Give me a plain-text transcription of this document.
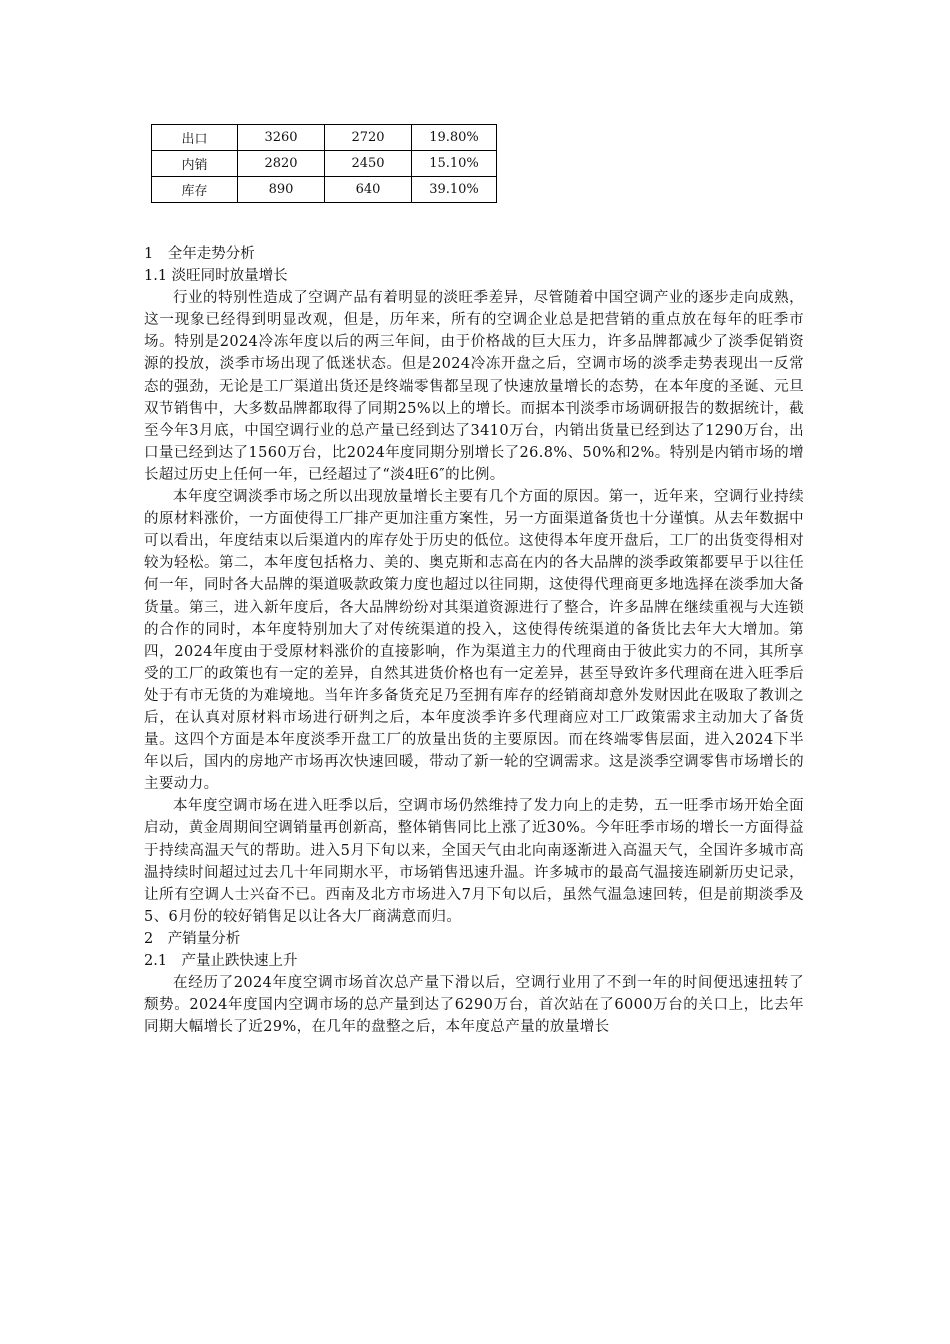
出口	3260	2720	19.80%
内销	2820	2450	15.10%
库存	890	640	39.10%

1　全年走势分析

1.1 淡旺同时放量增长

行业的特别性造成了空调产品有着明显的淡旺季差异，尽管随着中国空调产业的逐步走向成熟，这一现象已经得到明显改观，但是，历年来，所有的空调企业总是把营销的重点放在每年的旺季市场。特别是2024冷冻年度以后的两三年间，由于价格战的巨大压力，许多品牌都减少了淡季促销资源的投放，淡季市场出现了低迷状态。但是2024冷冻开盘之后，空调市场的淡季走势表现出一反常态的强劲，无论是工厂渠道出货还是终端零售都呈现了快速放量增长的态势，在本年度的圣诞、元旦双节销售中，大多数品牌都取得了同期25%以上的增长。而据本刊淡季市场调研报告的数据统计，截至今年3月底，中国空调行业的总产量已经到达了3410万台，内销出货量已经到达了1290万台，出口量已经到达了1560万台，比2024年度同期分别增长了26.8%、50%和2%。特别是内销市场的增长超过历史上任何一年，已经超过了“淡4旺6″的比例。

本年度空调淡季市场之所以出现放量增长主要有几个方面的原因。第一，近年来，空调行业持续的原材料涨价，一方面使得工厂排产更加注重方案性，另一方面渠道备货也十分谨慎。从去年数据中可以看出，年度结束以后渠道内的库存处于历史的低位。这使得本年度开盘后，工厂的出货变得相对较为轻松。第二，本年度包括格力、美的、奥克斯和志高在内的各大品牌的淡季政策都要早于以往任何一年，同时各大品牌的渠道吸款政策力度也超过以往同期，这使得代理商更多地选择在淡季加大备货量。第三，进入新年度后，各大品牌纷纷对其渠道资源进行了整合，许多品牌在继续重视与大连锁的合作的同时，本年度特别加大了对传统渠道的投入，这使得传统渠道的备货比去年大大增加。第四，2024年度由于受原材料涨价的直接影响，作为渠道主力的代理商由于彼此实力的不同，其所享受的工厂的政策也有一定的差异，自然其进货价格也有一定差异，甚至导致许多代理商在进入旺季后处于有市无货的为难境地。当年许多备货充足乃至拥有库存的经销商却意外发财因此在吸取了教训之后，在认真对原材料市场进行研判之后，本年度淡季许多代理商应对工厂政策需求主动加大了备货量。这四个方面是本年度淡季开盘工厂的放量出货的主要原因。而在终端零售层面，进入2024下半年以后，国内的房地产市场再次快速回暖，带动了新一轮的空调需求。这是淡季空调零售市场增长的主要动力。

本年度空调市场在进入旺季以后，空调市场仍然维持了发力向上的走势，五一旺季市场开始全面启动，黄金周期间空调销量再创新高，整体销售同比上涨了近30%。今年旺季市场的增长一方面得益于持续高温天气的帮助。进入5月下旬以来，全国天气由北向南逐渐进入高温天气，全国许多城市高温持续时间超过过去几十年同期水平，市场销售迅速升温。许多城市的最高气温接连刷新历史记录，让所有空调人士兴奋不已。西南及北方市场进入7月下旬以后，虽然气温急速回转，但是前期淡季及5、6月份的较好销售足以让各大厂商满意而归。

2　产销量分析

2.1　产量止跌快速上升

在经历了2024年度空调市场首次总产量下滑以后，空调行业用了不到一年的时间便迅速扭转了颓势。2024年度国内空调市场的总产量到达了6290万台，首次站在了6000万台的关口上，比去年同期大幅增长了近29%，在几年的盘整之后，本年度总产量的放量增长
